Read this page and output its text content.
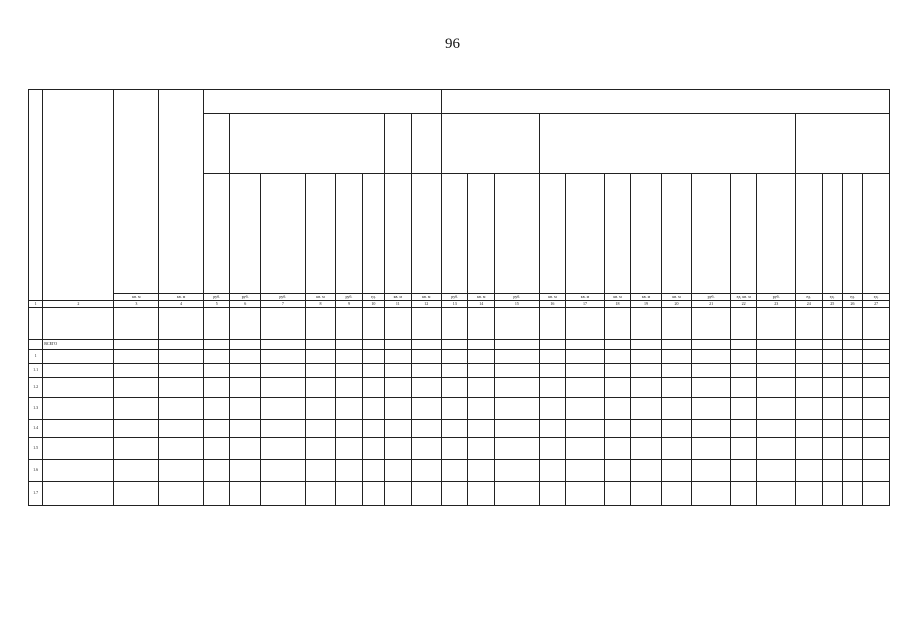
96

		кв. м	кв. м	руб.	руб.	руб.	кв. м	руб.	ед.	кв. м	кв. м	руб.	кв. м	руб.	кв. м	кв. м	кв. м	кв. м	кв. м	руб.	ед. кв. м	руб.	ед.	ед.	ед.	ед.
1	2	3	4	5	6	7	8	9	10	11	12	13	14	15	16	17	18	19	20	21	22	23	24	25	26	27

	ВСЕГО																									
1																										
1.1																										
1.2																										
1.3																										
1.4																										
1.5																										
1.6																										
1.7																										
